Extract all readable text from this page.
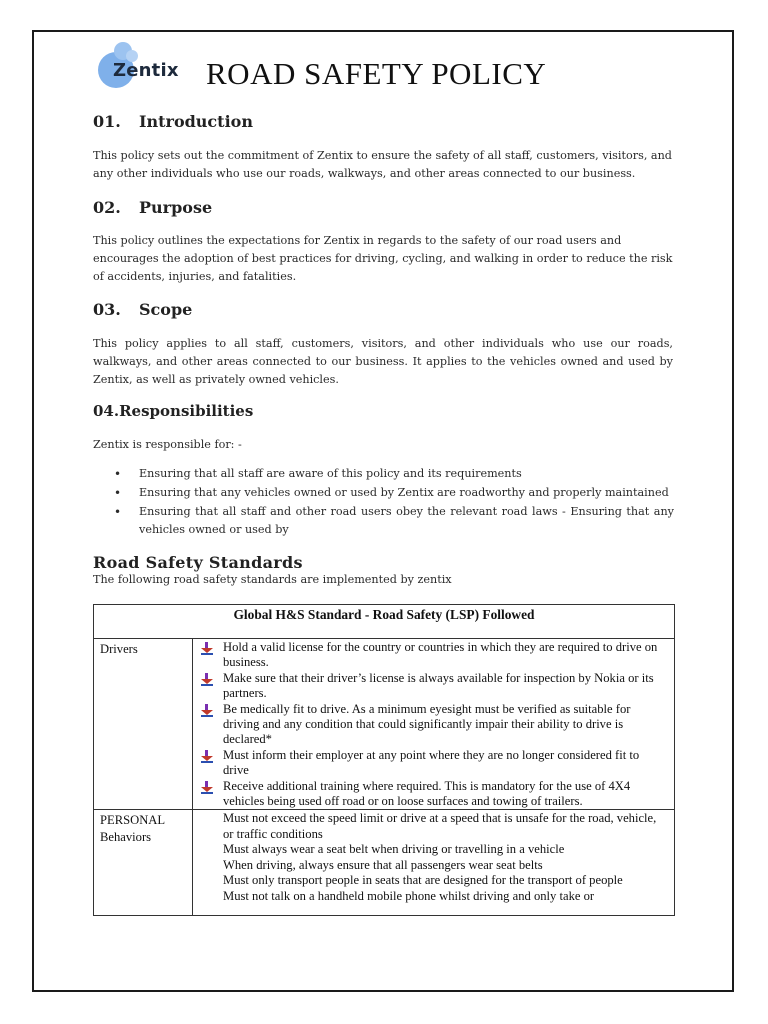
Zentix ROAD SAFETY POLICY
01. Introduction
This policy sets out the commitment of Zentix to ensure the safety of all staff, customers, visitors, and any other individuals who use our roads, walkways, and other areas connected to our business.
02. Purpose
This policy outlines the expectations for Zentix in regards to the safety of our road users and encourages the adoption of best practices for driving, cycling, and walking in order to reduce the risk of accidents, injuries, and fatalities.
03. Scope
This policy applies to all staff, customers, visitors, and other individuals who use our roads, walkways, and other areas connected to our business. It applies to the vehicles owned and used by Zentix, as well as privately owned vehicles.
04.Responsibilities
Zentix is responsible for: -
• Ensuring that all staff are aware of this policy and its requirements
• Ensuring that any vehicles owned or used by Zentix are roadworthy and properly maintained
• Ensuring that all staff and other road users obey the relevant road laws - Ensuring that any vehicles owned or used by
Road Safety Standards
The following road safety standards are implemented by zentix
Global H&S Standard - Road Safety (LSP) Followed	
Drivers	Hold a valid license for the country or countries in which they are required to drive on business.
Make sure that their driver’s license is always available for inspection by Nokia or its partners.
Be medically fit to drive. As a minimum eyesight must be verified as suitable for driving and any condition that could significantly impair their ability to drive is declared*
Must inform their employer at any point where they are no longer considered fit to drive
Receive additional training where required. This is mandatory for the use of 4X4 vehicles being used off road or on loose surfaces and towing of trailers.

PERSONAL Behaviors	Must not exceed the speed limit or drive at a speed that is unsafe for the road, vehicle, or traffic conditions
Must always wear a seat belt when driving or travelling in a vehicle
When driving, always ensure that all passengers wear seat belts
Must only transport people in seats that are designed for the transport of people
Must not talk on a handheld mobile phone whilst driving and only take or
